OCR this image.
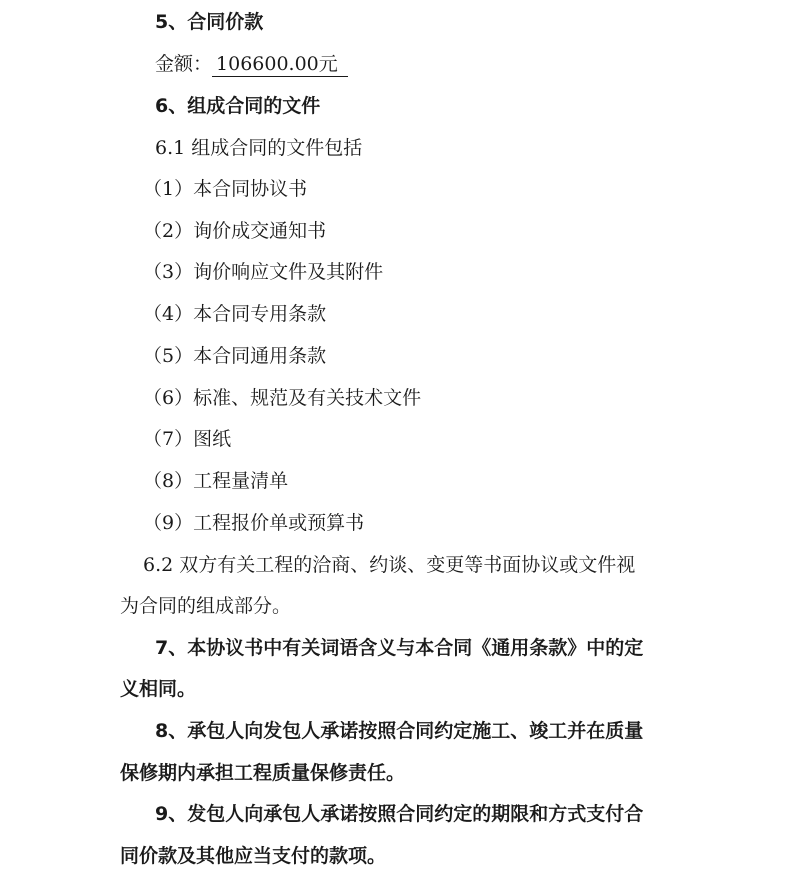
5、合同价款
金额： 106600.00元
6、组成合同的文件
6.1 组成合同的文件包括
（1）本合同协议书
（2）询价成交通知书
（3）询价响应文件及其附件
（4）本合同专用条款
（5）本合同通用条款
（6）标准、规范及有关技术文件
（7）图纸
（8）工程量清单
（9）工程报价单或预算书
6.2 双方有关工程的洽商、约谈、变更等书面协议或文件视
为合同的组成部分。
7、本协议书中有关词语含义与本合同《通用条款》中的定
义相同。
8、承包人向发包人承诺按照合同约定施工、竣工并在质量
保修期内承担工程质量保修责任。
9、发包人向承包人承诺按照合同约定的期限和方式支付合
同价款及其他应当支付的款项。
